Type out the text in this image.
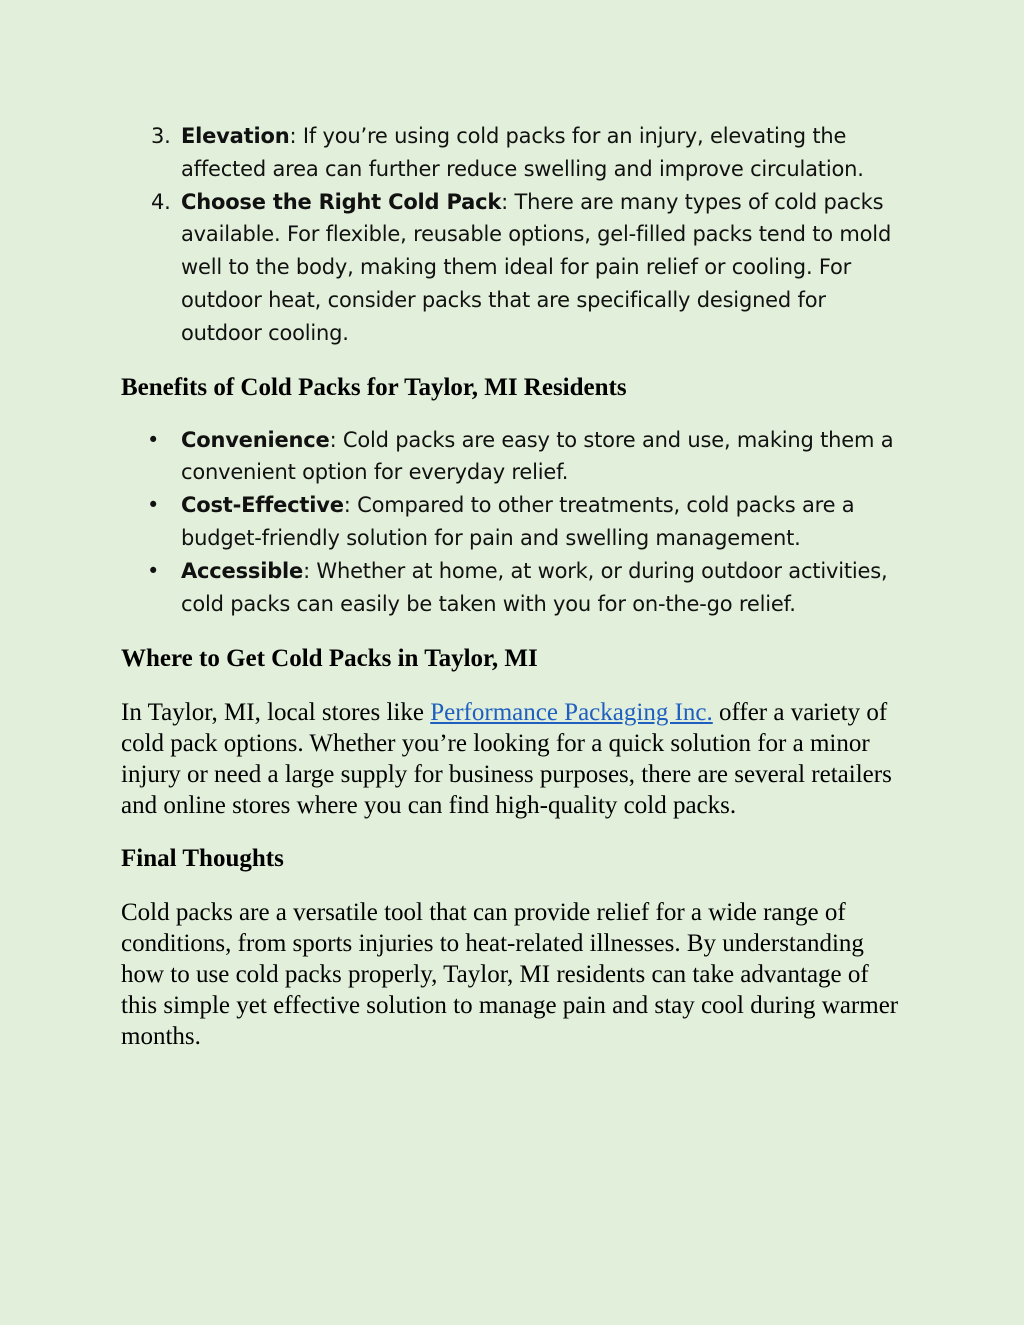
3. Elevation: If you’re using cold packs for an injury, elevating the affected area can further reduce swelling and improve circulation.
4. Choose the Right Cold Pack: There are many types of cold packs available. For flexible, reusable options, gel-filled packs tend to mold well to the body, making them ideal for pain relief or cooling. For outdoor heat, consider packs that are specifically designed for outdoor cooling.
Benefits of Cold Packs for Taylor, MI Residents
• Convenience: Cold packs are easy to store and use, making them a convenient option for everyday relief.
• Cost-Effective: Compared to other treatments, cold packs are a budget-friendly solution for pain and swelling management.
• Accessible: Whether at home, at work, or during outdoor activities, cold packs can easily be taken with you for on-the-go relief.
Where to Get Cold Packs in Taylor, MI

In Taylor, MI, local stores like Performance Packaging Inc. offer a variety of cold pack options. Whether you’re looking for a quick solution for a minor injury or need a large supply for business purposes, there are several retailers and online stores where you can find high-quality cold packs.

Final Thoughts

Cold packs are a versatile tool that can provide relief for a wide range of conditions, from sports injuries to heat-related illnesses. By understanding how to use cold packs properly, Taylor, MI residents can take advantage of this simple yet effective solution to manage pain and stay cool during warmer months.
